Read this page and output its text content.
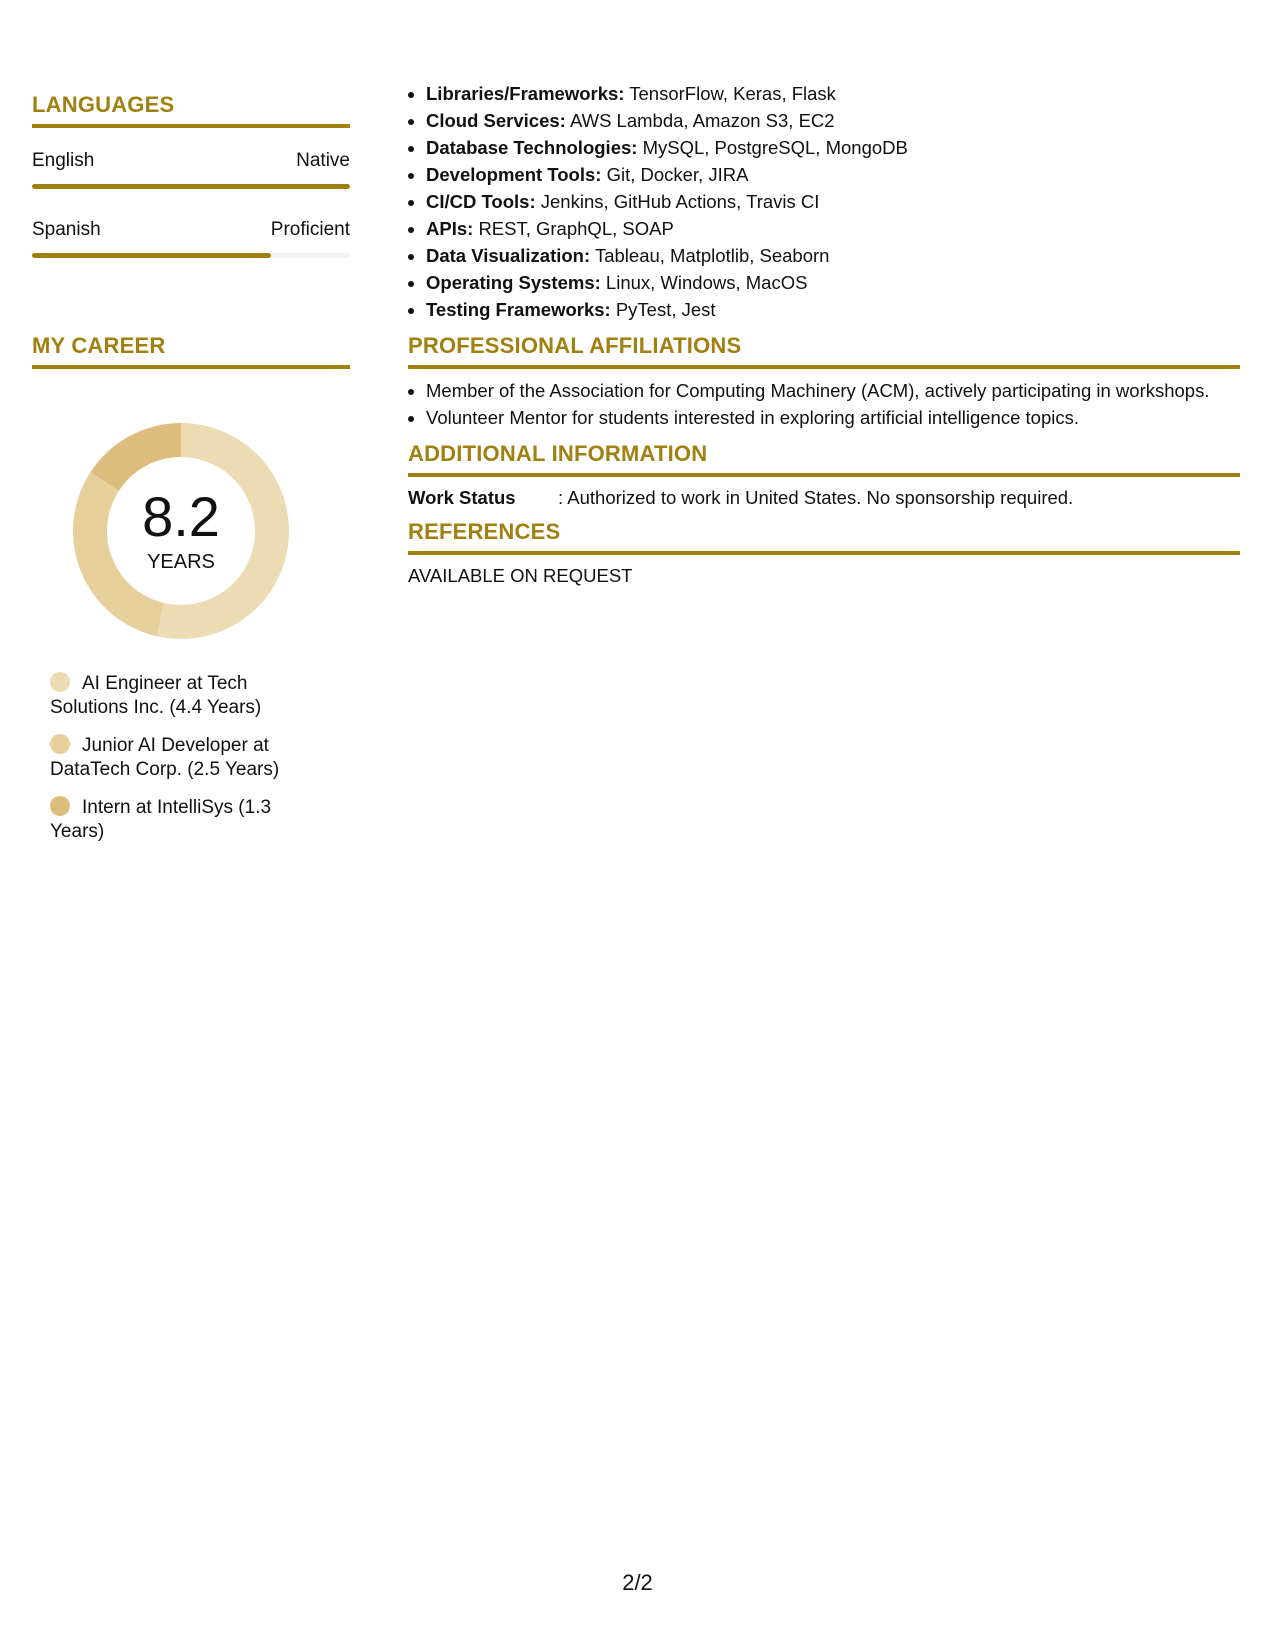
LANGUAGES
English	Native
Spanish	Proficient
MY CAREER
8.2
YEARS
AI Engineer at Tech Solutions Inc. (4.4 Years)
Junior AI Developer at DataTech Corp. (2.5 Years)
Intern at IntelliSys (1.3 Years)
• Libraries/Frameworks: TensorFlow, Keras, Flask
• Cloud Services: AWS Lambda, Amazon S3, EC2
• Database Technologies: MySQL, PostgreSQL, MongoDB
• Development Tools: Git, Docker, JIRA
• CI/CD Tools: Jenkins, GitHub Actions, Travis CI
• APIs: REST, GraphQL, SOAP
• Data Visualization: Tableau, Matplotlib, Seaborn
• Operating Systems: Linux, Windows, MacOS
• Testing Frameworks: PyTest, Jest
PROFESSIONAL AFFILIATIONS
• Member of the Association for Computing Machinery (ACM), actively participating in workshops.
• Volunteer Mentor for students interested in exploring artificial intelligence topics.
ADDITIONAL INFORMATION
Work Status	: Authorized to work in United States. No sponsorship required.
REFERENCES
AVAILABLE ON REQUEST
2/2
